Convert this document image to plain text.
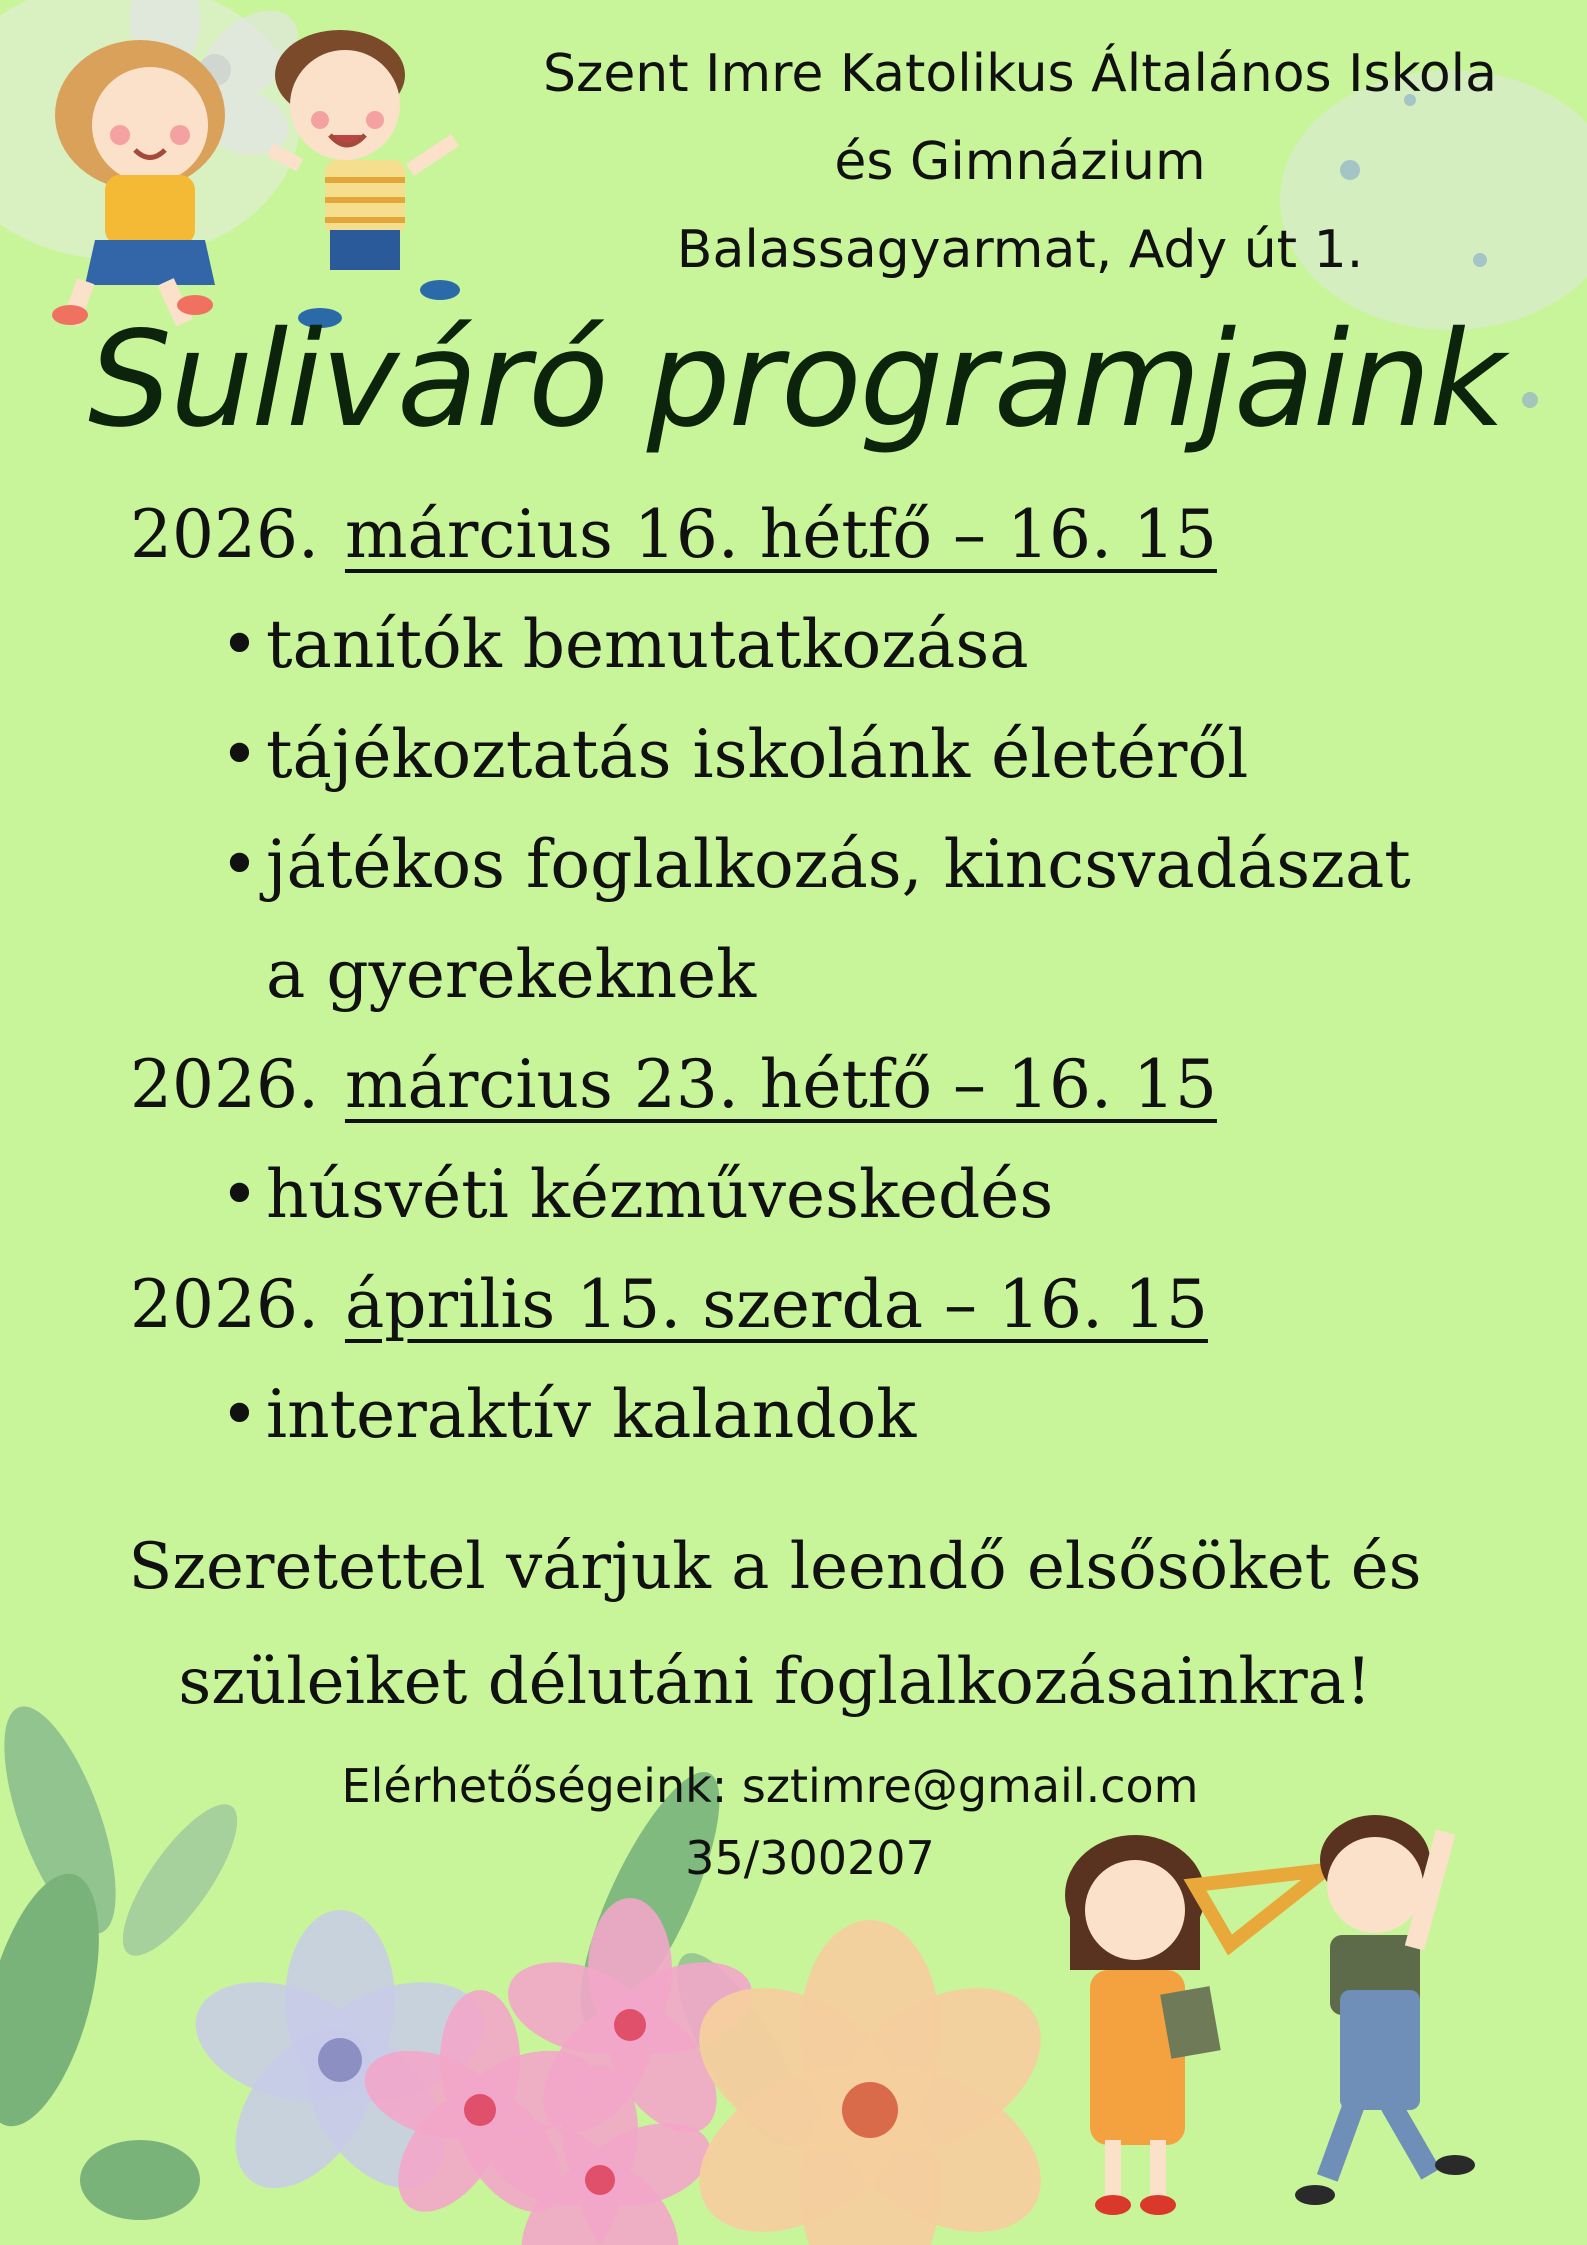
Szent Imre Katolikus Általános Iskola
és Gimnázium
Balassagyarmat, Ady út 1.
Suliváró programjaink
2026. március 16. hétfő – 16. 15
• tanítók bemutatkozása
• tájékoztatás iskolánk életéről
• játékos foglalkozás, kincsvadászat a gyerekeknek
2026. március 23. hétfő – 16. 15
• húsvéti kézműveskedés
2026. április 15. szerda – 16. 15
• interaktív kalandok
Szeretettel várjuk a leendő elsősöket és
szüleiket délutáni foglalkozásainkra!
Elérhetőségeink: sztimre@gmail.com
35/300207
